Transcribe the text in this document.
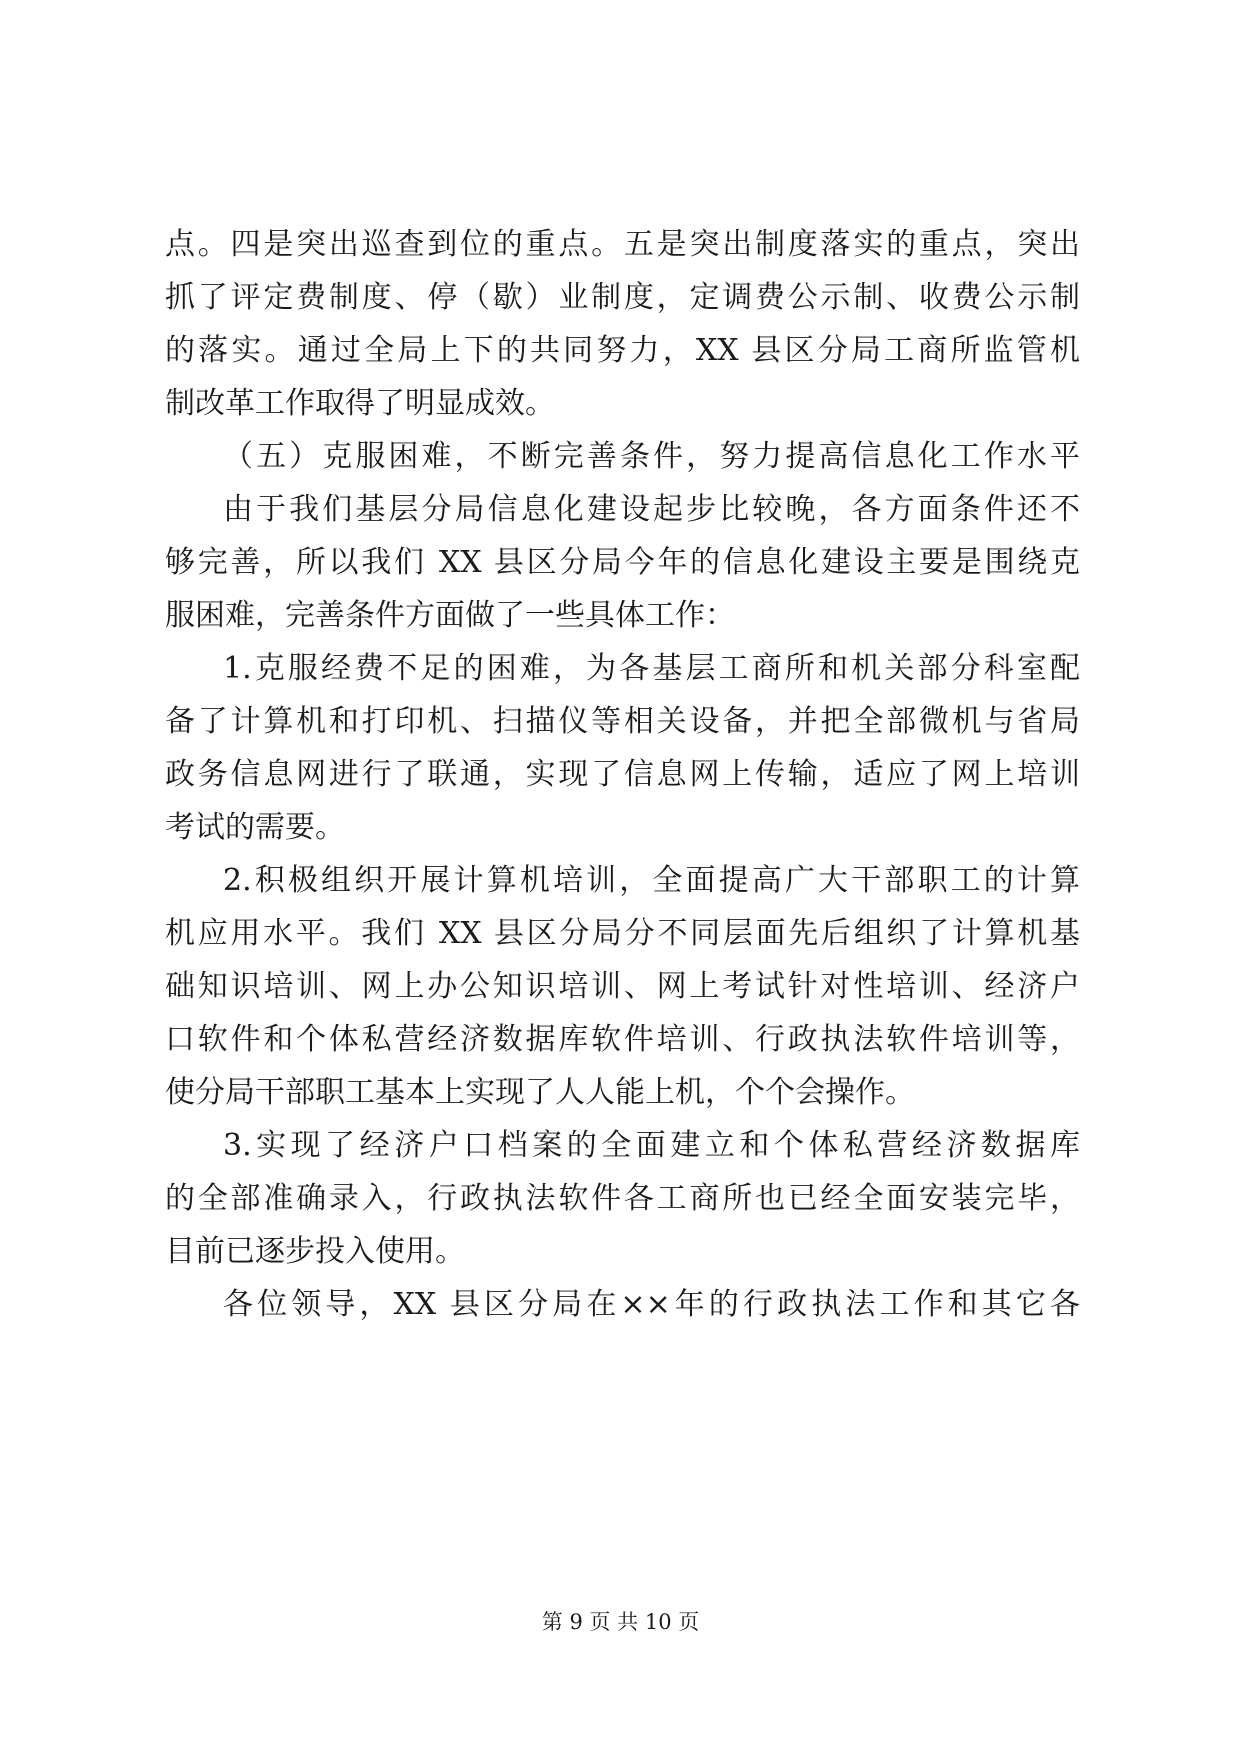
点。四是突出巡查到位的重点。五是突出制度落实的重点，突出
抓了评定费制度、停（歇）业制度，定调费公示制、收费公示制
的落实。通过全局上下的共同努力，XX 县区分局工商所监管机
制改革工作取得了明显成效。
（五）克服困难，不断完善条件，努力提高信息化工作水平
由于我们基层分局信息化建设起步比较晚，各方面条件还不
够完善，所以我们 XX 县区分局今年的信息化建设主要是围绕克
服困难，完善条件方面做了一些具体工作：
1.克服经费不足的困难，为各基层工商所和机关部分科室配
备了计算机和打印机、扫描仪等相关设备，并把全部微机与省局
政务信息网进行了联通，实现了信息网上传输，适应了网上培训
考试的需要。
2.积极组织开展计算机培训，全面提高广大干部职工的计算
机应用水平。我们 XX 县区分局分不同层面先后组织了计算机基
础知识培训、网上办公知识培训、网上考试针对性培训、经济户
口软件和个体私营经济数据库软件培训、行政执法软件培训等，
使分局干部职工基本上实现了人人能上机，个个会操作。
3.实现了经济户口档案的全面建立和个体私营经济数据库
的全部准确录入，行政执法软件各工商所也已经全面安装完毕，
目前已逐步投入使用。
各位领导，XX 县区分局在××年的行政执法工作和其它各
第 9 页 共 10 页
